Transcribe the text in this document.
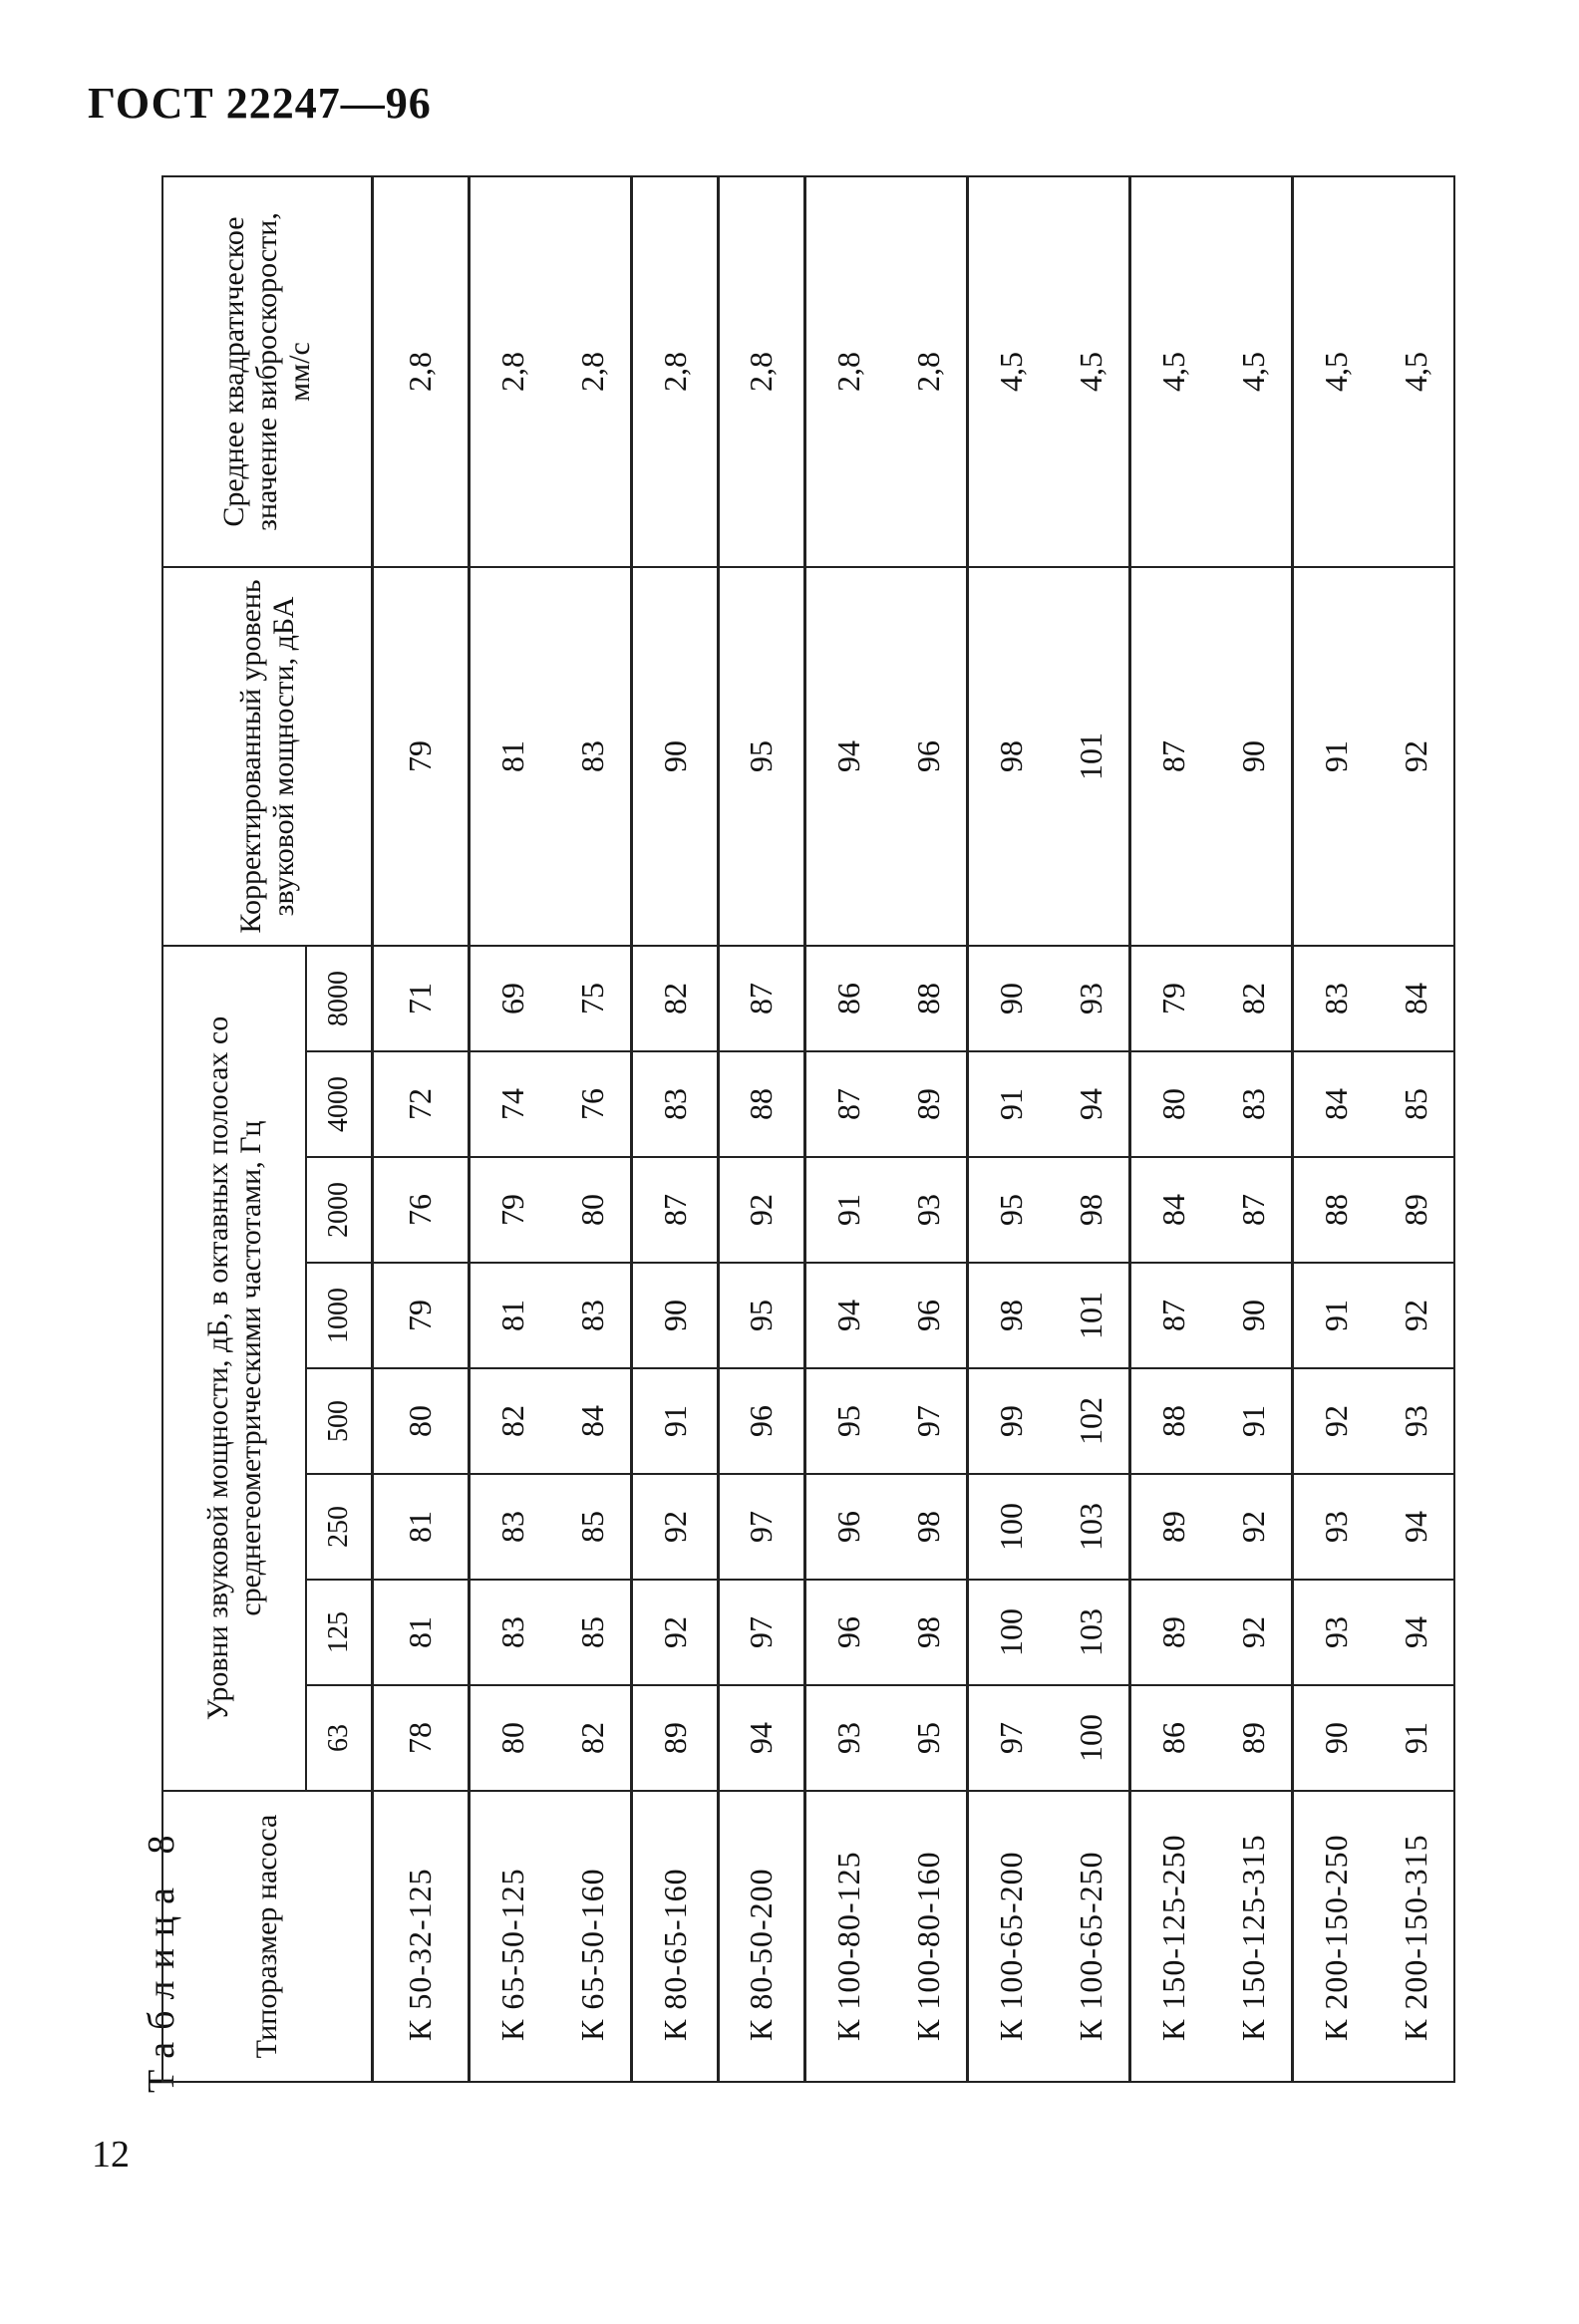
ГОСТ 22247—96
Таблица 8 Типоразмер насоса	Уровни звуковой мощности, дБ, в октавных полосах со среднегеометрическими частотами, Гц								Корректированный уровень звуковой мощности, дБА	Среднее квадратическое значение виброскорости, мм/с
	63	125	250	500	1000	2000	4000	8000		
К 50-32-125	78	81	81	80	79	76	72	71	79	2,8
К 65-50-125	80	83	83	82	81	79	74	69	81	2,8
К 65-50-160	82	85	85	84	83	80	76	75	83	2,8
К 80-65-160	89	92	92	91	90	87	83	82	90	2,8
К 80-50-200	94	97	97	96	95	92	88	87	95	2,8
К 100-80-125	93	96	96	95	94	91	87	86	94	2,8
К 100-80-160	95	98	98	97	96	93	89	88	96	2,8
К 100-65-200	97	100	100	99	98	95	91	90	98	4,5
К 100-65-250	100	103	103	102	101	98	94	93	101	4,5
К 150-125-250	86	89	89	88	87	84	80	79	87	4,5
К 150-125-315	89	92	92	91	90	87	83	82	90	4,5
К 200-150-250	90	93	93	92	91	88	84	83	91	4,5
К 200-150-315	91	94	94	93	92	89	85	84	92	4,5
12
